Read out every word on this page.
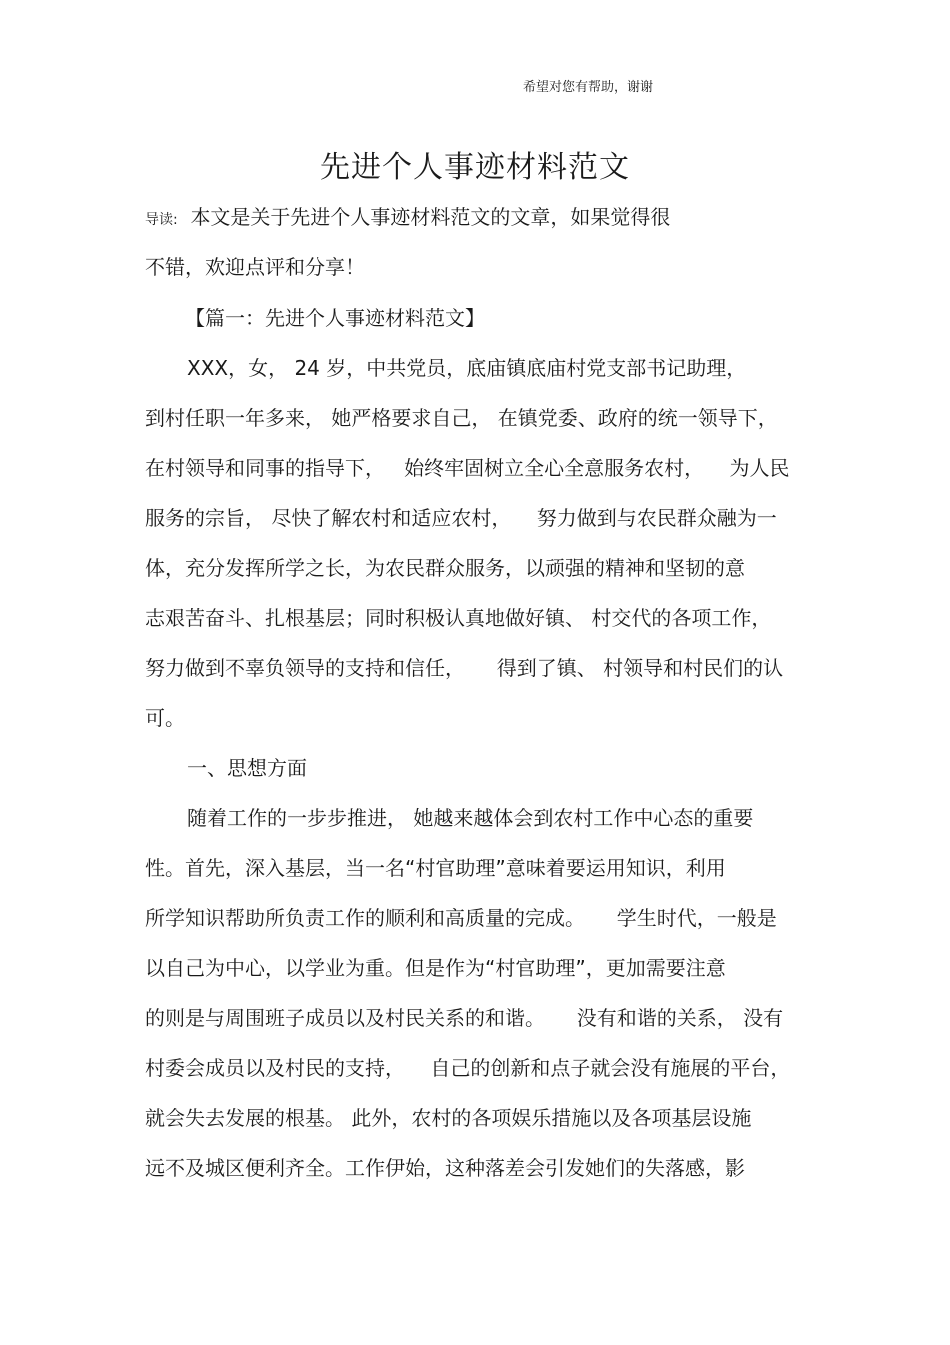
希望对您有帮助，谢谢
先进个人事迹材料范文
导读: 本文是关于先进个人事迹材料范文的文章，如果觉得很
不错，欢迎点评和分享！
【篇一：先进个人事迹材料范文】
XXX，女， 24 岁，中共党员，底庙镇底庙村党支部书记助理，
到村任职一年多来， 她严格要求自己， 在镇党委、政府的统一领导下，
在村领导和同事的指导下，   始终牢固树立全心全意服务农村，    为人民
服务的宗旨， 尽快了解农村和适应农村，    努力做到与农民群众融为一
体，充分发挥所学之长，为农民群众服务，以顽强的精神和坚韧的意
志艰苦奋斗、扎根基层；同时积极认真地做好镇、 村交代的各项工作，
努力做到不辜负领导的支持和信任，     得到了镇、 村领导和村民们的认
可。
一、思想方面
随着工作的一步步推进， 她越来越体会到农村工作中心态的重要
性。首先，深入基层，当一名“村官助理”意味着要运用知识，利用
所学知识帮助所负责工作的顺利和高质量的完成。     学生时代，一般是
以自己为中心，以学业为重。但是作为“村官助理”，更加需要注意
的则是与周围班子成员以及村民关系的和谐。     没有和谐的关系， 没有
村委会成员以及村民的支持，    自己的创新和点子就会没有施展的平台，
就会失去发展的根基。 此外，农村的各项娱乐措施以及各项基层设施
远不及城区便利齐全。工作伊始，这种落差会引发她们的失落感，影
